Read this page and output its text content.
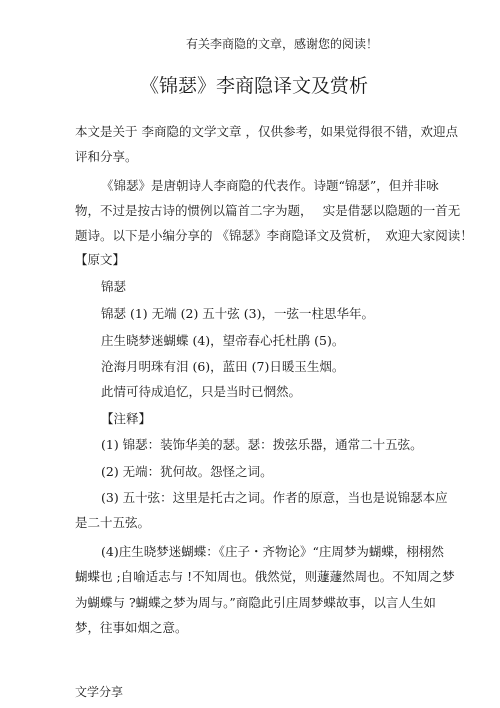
有关李商隐的文章，感谢您的阅读！
《锦瑟》李商隐译文及赏析
本文是关于 李商隐的文学文章 ，仅供参考，如果觉得很不错，欢迎点
评和分享。
《锦瑟》是唐朝诗人李商隐的代表作。诗题“锦瑟”，但并非咏
物，不过是按古诗的惯例以篇首二字为题，　 实是借瑟以隐题的一首无
题诗。以下是小编分享的 《锦瑟》李商隐译文及赏析，　欢迎大家阅读！
【原文】
锦瑟
锦瑟 (1) 无端 (2) 五十弦 (3)，一弦一柱思华年。
庄生晓梦迷蝴蝶 (4)，望帝春心托杜鹃 (5)。
沧海月明珠有泪 (6)，蓝田 (7)日暖玉生烟。
此情可待成追忆，只是当时已惘然。
【注释】
(1) 锦瑟：装饰华美的瑟。瑟：拨弦乐器，通常二十五弦。
(2) 无端：犹何故。怨怪之词。
(3) 五十弦：这里是托古之词。作者的原意，当也是说锦瑟本应
是二十五弦。
(4)庄生晓梦迷蝴蝶：《庄子・齐物论》“庄周梦为蝴蝶，栩栩然
蝴蝶也 ;自喻适志与 !不知周也。俄然觉，则蘧蘧然周也。不知周之梦
为蝴蝶与 ?蝴蝶之梦为周与。”商隐此引庄周梦蝶故事，以言人生如
梦，往事如烟之意。
文学分享
